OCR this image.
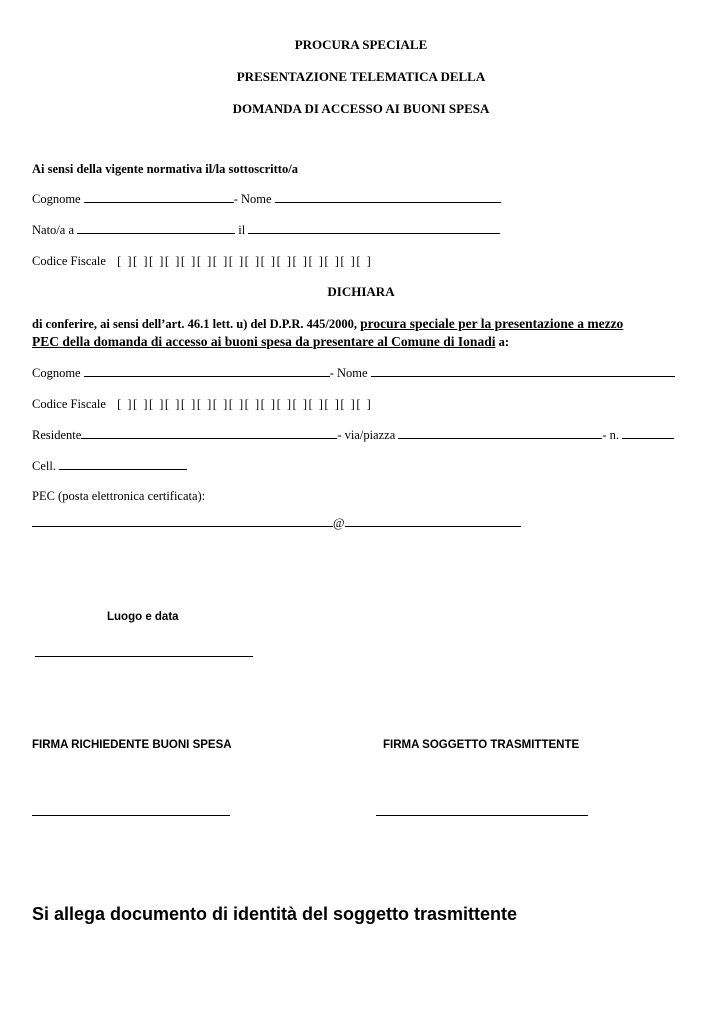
PROCURA SPECIALE
PRESENTAZIONE TELEMATICA DELLA
DOMANDA DI ACCESSO AI BUONI SPESA
Ai sensi della vigente normativa il/la sottoscritto/a
Cognome	- Nome
Nato/a a	il
Codice Fiscale [ ][ ][ ][ ][ ][ ][ ][ ][ ][ ][ ][ ][ ][ ][ ][ ]
DICHIARA
di conferire, ai sensi dell’art. 46.1 lett. u) del D.P.R. 445/2000, procura speciale per la presentazione a mezzo
PEC della domanda di accesso ai buoni spesa da presentare al Comune di Ionadi a:
Cognome	- Nome
Codice Fiscale [ ][ ][ ][ ][ ][ ][ ][ ][ ][ ][ ][ ][ ][ ][ ][ ]
Residente	- via/piazza	- n.
Cell.
PEC (posta elettronica certificata):
@
Luogo e data
FIRMA RICHIEDENTE BUONI SPESA	FIRMA SOGGETTO TRASMITTENTE
Si allega documento di identità del soggetto trasmittente
